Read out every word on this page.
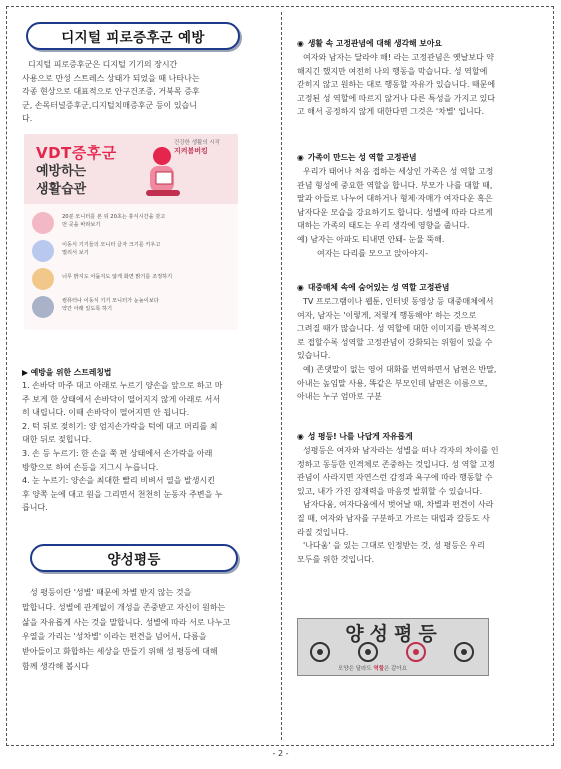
디지털 피로증후군 예방
디지털 피로증후군은 디지털 기기의 장시간
사용으로 만성 스트레스 상태가 되었을 때 나타나는
각종 현상으로 대표적으로 안구건조증, 거북목 증후
군, 손목터널증후군,디지털치매증후군 등이 있습니
다.
VDT증후군
예방하는
생활습관
건강한 생활의 시작
지켜봄버킹
20분 모니터를 본 뒤 20초는 휴식시간을 갖고
먼 곳을 바라보기
이동식 기기들의 모니터 글자 크기를 키우고
멀리서 보기
너무 밝지도 어둡지도 않게 화면 밝기를 조정하기
컴퓨터나 이동식 기기 모니터가 눈높이보다
약간 아래 있도록 하기
▶ 예방을 위한 스트레칭법
1. 손바닥 마주 대고 아래로 누르기 양손을 앞으로 하고 마
주 보게 한 상태에서 손바닥이 떨어지지 않게 아래로 서서
히 내립니다. 이때 손바닥이 떨어지면 안 됩니다.
2. 턱 뒤로 젖히기: 양 엄지손가락을 턱에 대고 머리를 최
대한 뒤로 젖힙니다.
3. 손 등 누르기: 한 손을 쭉 편 상태에서 손가락을 아래
방향으로 하여 손등을 지그시 누릅니다.
4. 눈 누르기: 양손을 최대한 빨리 비벼서 열을 발생시킨
후 양쪽 눈에 대고 원을 그리면서 천천히 눈동자 주변을 누
릅니다.
양성평등
성 평등이란 '성별' 때문에 차별 받지 않는 것을
말합니다. 성별에 관계없이 개성을 존중받고 자신이 원하는
삶을 자유롭게 사는 것을 말합니다. 성별에 따라 서로 나누고
우열을 가리는 '성차별' 이라는 편견을 넘어서, 다름을
받아들이고 화합하는 세상을 만들기 위해 성 평등에 대해
함께 생각해 봅시다
◉ 생활 속 고정관념에 대해 생각해 보아요
여자와 남자는 달라야 해! 라는 고정관념은 옛날보다 약
해지긴 했지만 여전히 나의 행동을 막습니다. 성 역할에
갇히지 않고 원하는 대로 행동할 자유가 있습니다. 때문에
고정된 성 역할에 따르지 않거나 다른 특성을 가지고 있다
고 해서 공정하지 않게 대한다면 그것은 '차별' 입니다.
◉ 가족이 만드는 성 역할 고정관념
우리가 태어나 처음 접하는 세상인 가족은 성 역할 고정
관념 형성에 중요한 역할을 합니다. 부모가 나를 대할 때,
딸과 아들로 나누어 대하거나 형제·자매가 여자다운 혹은
남자다운 모습을 강요하기도 합니다. 성별에 따라 다르게
대하는 가족의 태도는 우리 생각에 영향을 줍니다.
예) 남자는 아파도 티내면 안돼- 눈물 뚝해.
여자는 다리를 모으고 앉아야지-
◉ 대중매체 속에 숨어있는 성 역할 고정관념
TV 프로그램이나 웹툰, 인터넷 동영상 등 대중매체에서
여자, 남자는 '이렇게, 저렇게 행동해야' 하는 것으로
그려질 때가 많습니다. 성 역할에 대한 이미지를 반복적으
로 접할수록 성역할 고정관념이 강화되는 위험이 있을 수
있습니다.
예) 존댓말이 없는 영어 대화를 번역하면서 남편은 반말,
아내는 높임말 사용, 똑같은 부모인데 남편은 이름으로,
아내는 누구 엄마로 구분
◉ 성 평등! 나를 나답게 자유롭게
성평등은 여자와 남자라는 성별을 떠나 각자의 차이를 인
정하고 동등한 인격체로 존중하는 것입니다. 성 역할 고정
관념이 사라지면 자연스런 감정과 욕구에 따라 행동할 수
있고, 내가 가진 잠재력을 마음껏 발휘할 수 있습니다.
남자다움, 여자다움에서 벗어날 때, 차별과 편견이 사라
질 때, 여자와 남자를 구분하고 가르는 대립과 갈등도 사
라질 것입니다.
'나다움' 을 있는 그대로 인정받는 것, 성 평등은 우리
모두를 위한 것입니다.
양성평등
모양은 달라도 역할은 같아요
- 2 -
